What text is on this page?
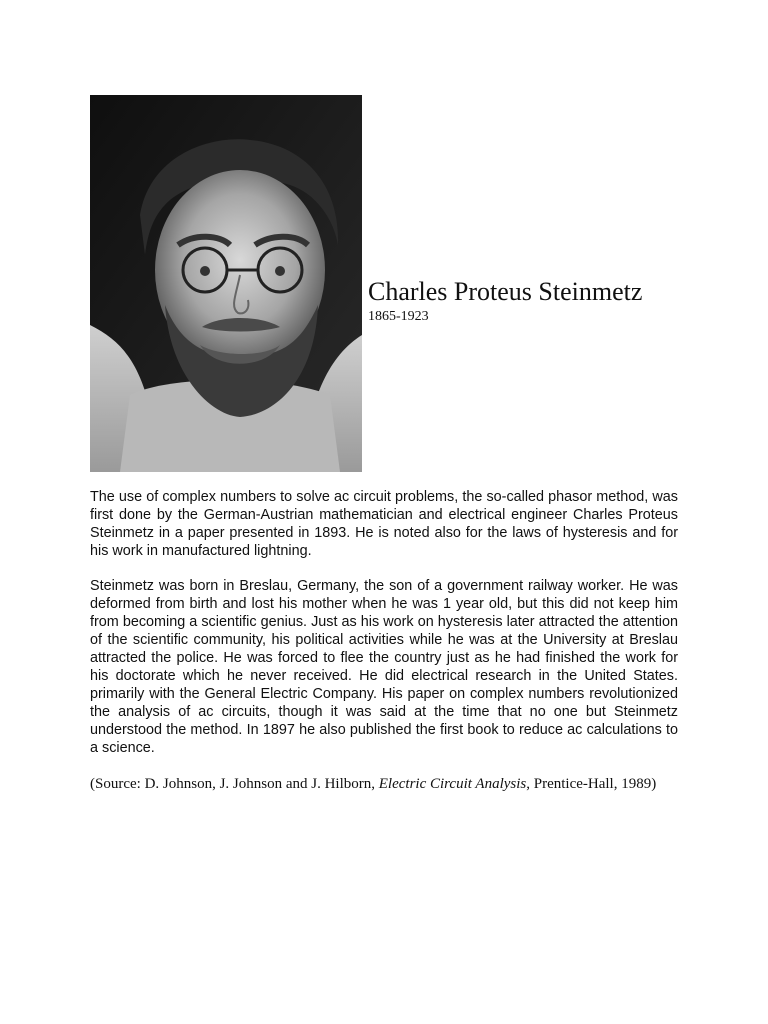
Charles Proteus Steinmetz
1865-1923

The use of complex numbers to solve ac circuit problems, the so-called phasor method, was first done by the German-Austrian mathematician and electrical engineer Charles Proteus Steinmetz in a paper presented in 1893. He is noted also for the laws of hysteresis and for his work in manufactured lightning.

Steinmetz was born in Breslau, Germany, the son of a government railway worker. He was deformed from birth and lost his mother when he was 1 year old, but this did not keep him from becoming a scientific genius. Just as his work on hysteresis later attracted the attention of the scientific community, his political activities while he was at the University at Breslau attracted the police. He was forced to flee the country just as he had finished the work for his doctorate which he never received. He did electrical research in the United States. primarily with the General Electric Company. His paper on complex numbers revolutionized the analysis of ac circuits, though it was said at the time that no one but Steinmetz understood the method. In 1897 he also published the first book to reduce ac calculations to a science.

(Source: D. Johnson, J. Johnson and J. Hilborn, Electric Circuit Analysis, Prentice-Hall, 1989)
